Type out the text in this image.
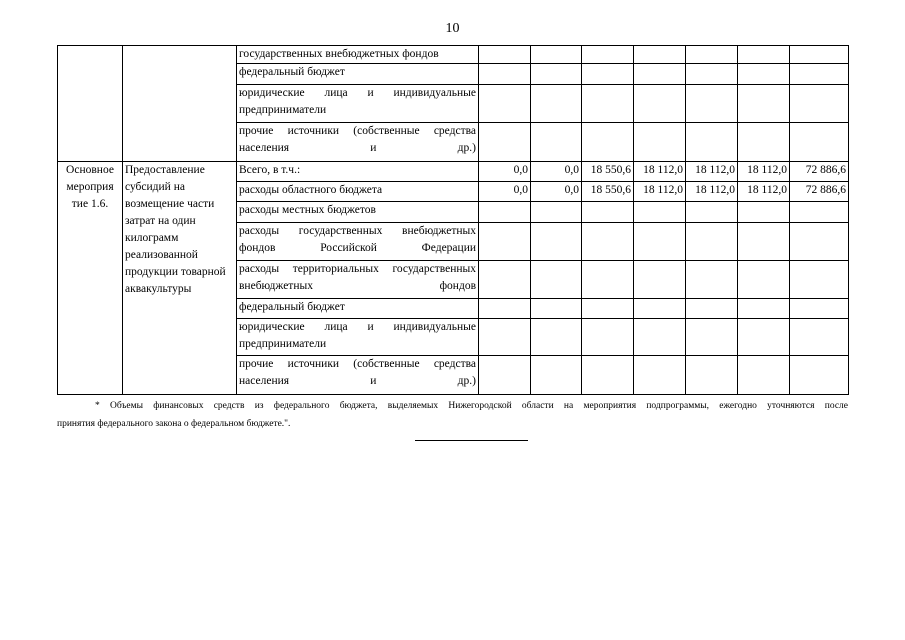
10
		государственных внебюджетных фондов							
		федеральный бюджет							
		юридические лица и индивидуальные предприниматели							
		прочие источники (собственные средства населения и др.)							

Основное
мероприя
тие 1.6.	Предоставление субсидий на возмещение части затрат на один килограмм реализованной продукции товарной аквакультуры	Всего, в т.ч.:	0,0	0,0	18 550,6	18 112,0	18 112,0	18 112,0	72 886,6
		расходы областного бюджета	0,0	0,0	18 550,6	18 112,0	18 112,0	18 112,0	72 886,6
		расходы местных бюджетов							
		расходы государственных внебюджетных фондов Российской Федерации							
		расходы территориальных государственных внебюджетных фондов							
		федеральный бюджет							
		юридические лица и индивидуальные предприниматели							
		прочие источники (собственные средства населения и др.)							
* Объемы финансовых средств из федерального бюджета, выделяемых Нижегородской области на мероприятия подпрограммы, ежегодно уточняются после
принятия федерального закона о федеральном бюджете.".
